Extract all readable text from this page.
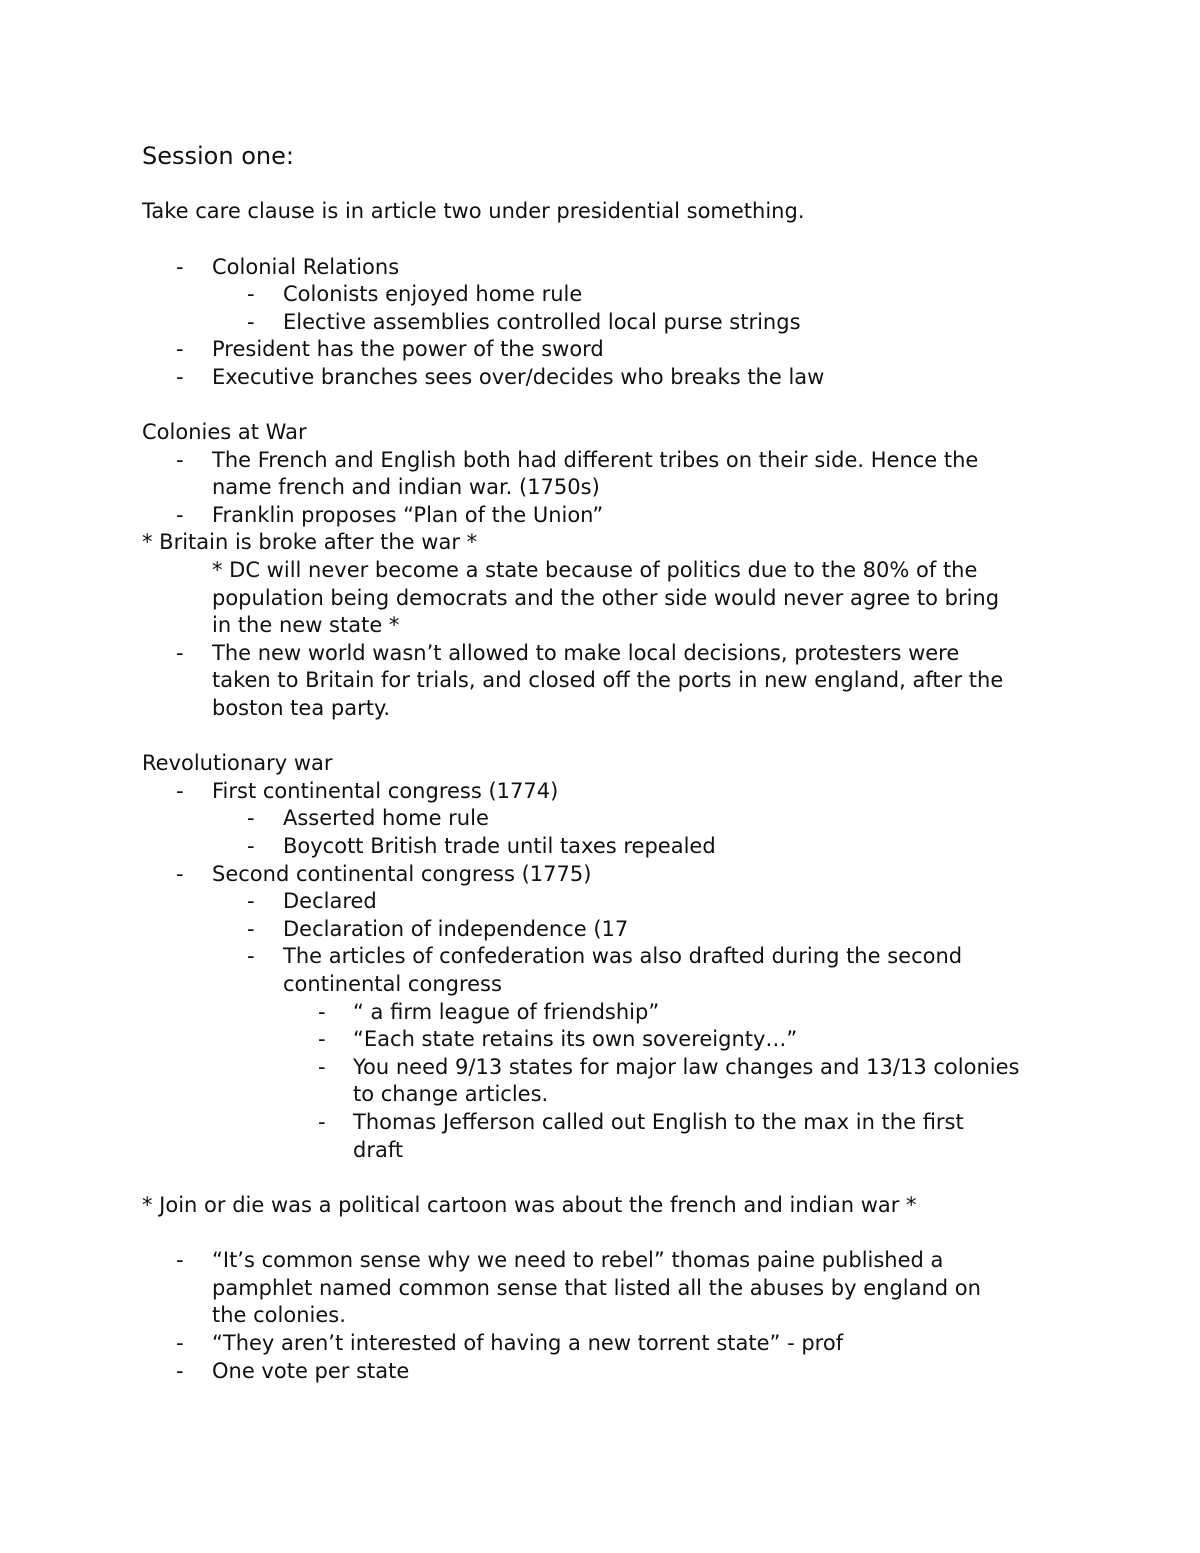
Session one:
Take care clause is in article two under presidential something.
- Colonial Relations
- Colonists enjoyed home rule
- Elective assemblies controlled local purse strings
- President has the power of the sword
- Executive branches sees over/decides who breaks the law
Colonies at War
- The French and English both had different tribes on their side. Hence the
name french and indian war. (1750s)
- Franklin proposes “Plan of the Union”
* Britain is broke after the war *
* DC will never become a state because of politics due to the 80% of the
population being democrats and the other side would never agree to bring
in the new state *
- The new world wasn’t allowed to make local decisions, protesters were
taken to Britain for trials, and closed off the ports in new england, after the
boston tea party.
Revolutionary war
- First continental congress (1774)
- Asserted home rule
- Boycott British trade until taxes repealed
- Second continental congress (1775)
- Declared
- Declaration of independence (17
- The articles of confederation was also drafted during the second
continental congress
- “ a firm league of friendship”
- “Each state retains its own sovereignty…”
- You need 9/13 states for major law changes and 13/13 colonies
to change articles.
- Thomas Jefferson called out English to the max in the first
draft
* Join or die was a political cartoon was about the french and indian war *
- “It’s common sense why we need to rebel” thomas paine published a
pamphlet named common sense that listed all the abuses by england on
the colonies.
- “They aren’t interested of having a new torrent state” - prof
- One vote per state
